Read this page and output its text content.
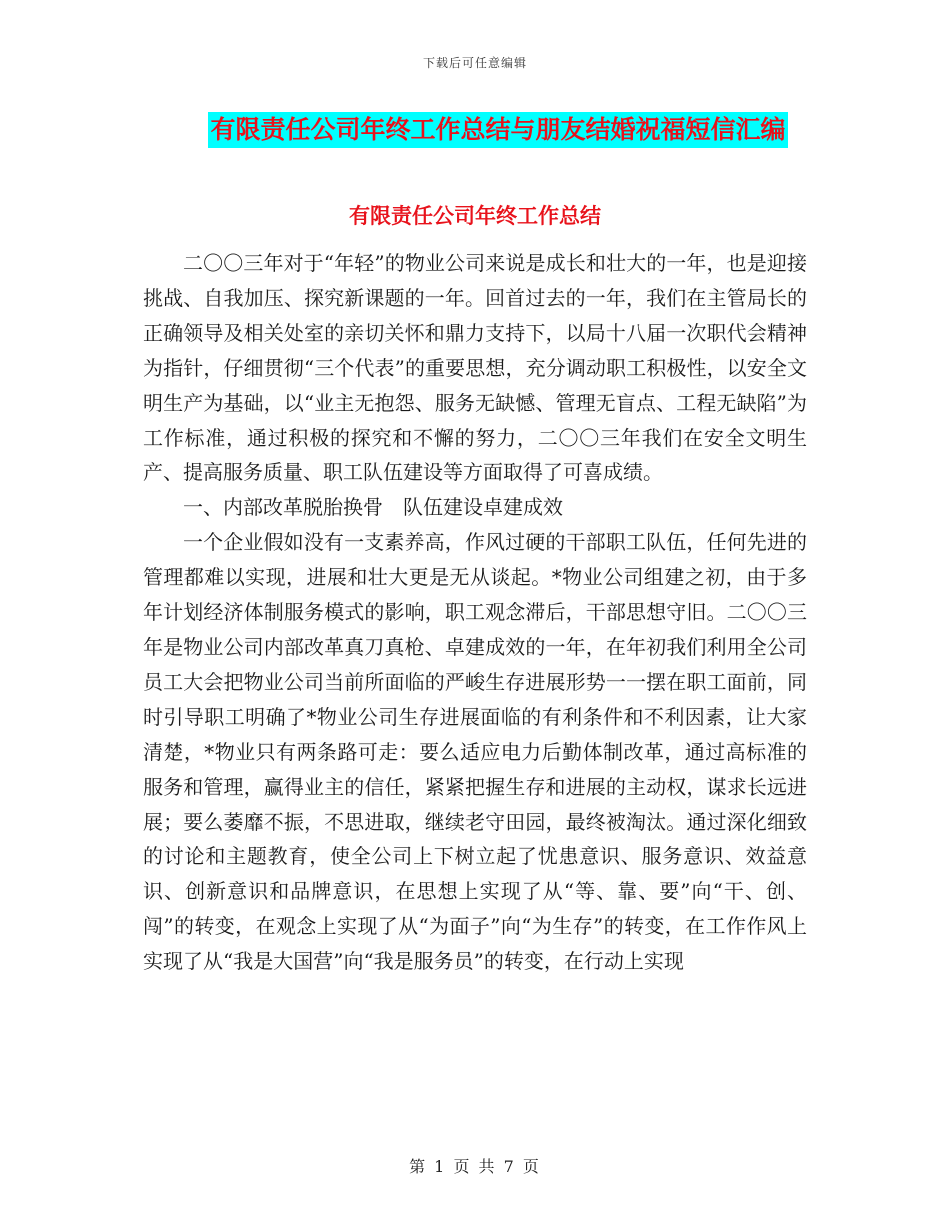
下载后可任意编辑
有限责任公司年终工作总结与朋友结婚祝福短信汇编
有限责任公司年终工作总结

二〇〇三年对于“年轻”的物业公司来说是成长和壮大的一年，也是迎接挑战、自我加压、探究新课题的一年。回首过去的一年，我们在主管局长的正确领导及相关处室的亲切关怀和鼎力支持下，以局十八届一次职代会精神为指针，仔细贯彻“三个代表”的重要思想，充分调动职工积极性，以安全文明生产为基础，以“业主无抱怨、服务无缺憾、管理无盲点、工程无缺陷”为工作标准，通过积极的探究和不懈的努力，二〇〇三年我们在安全文明生产、提高服务质量、职工队伍建设等方面取得了可喜成绩。

一、内部改革脱胎换骨　队伍建设卓建成效

一个企业假如没有一支素养高，作风过硬的干部职工队伍，任何先进的管理都难以实现，进展和壮大更是无从谈起。*物业公司组建之初，由于多年计划经济体制服务模式的影响，职工观念滞后，干部思想守旧。二〇〇三年是物业公司内部改革真刀真枪、卓建成效的一年，在年初我们利用全公司员工大会把物业公司当前所面临的严峻生存进展形势一一摆在职工面前，同时引导职工明确了*物业公司生存进展面临的有利条件和不利因素，让大家清楚，*物业只有两条路可走：要么适应电力后勤体制改革，通过高标准的服务和管理，赢得业主的信任，紧紧把握生存和进展的主动权，谋求长远进展；要么萎靡不振，不思进取，继续老守田园，最终被淘汰。通过深化细致的讨论和主题教育，使全公司上下树立起了忧患意识、服务意识、效益意识、创新意识和品牌意识，在思想上实现了从“等、靠、要”向“干、创、闯”的转变，在观念上实现了从“为面子”向“为生存”的转变，在工作作风上实现了从“我是大国营”向“我是服务员”的转变，在行动上实现

第 1 页 共 7 页
